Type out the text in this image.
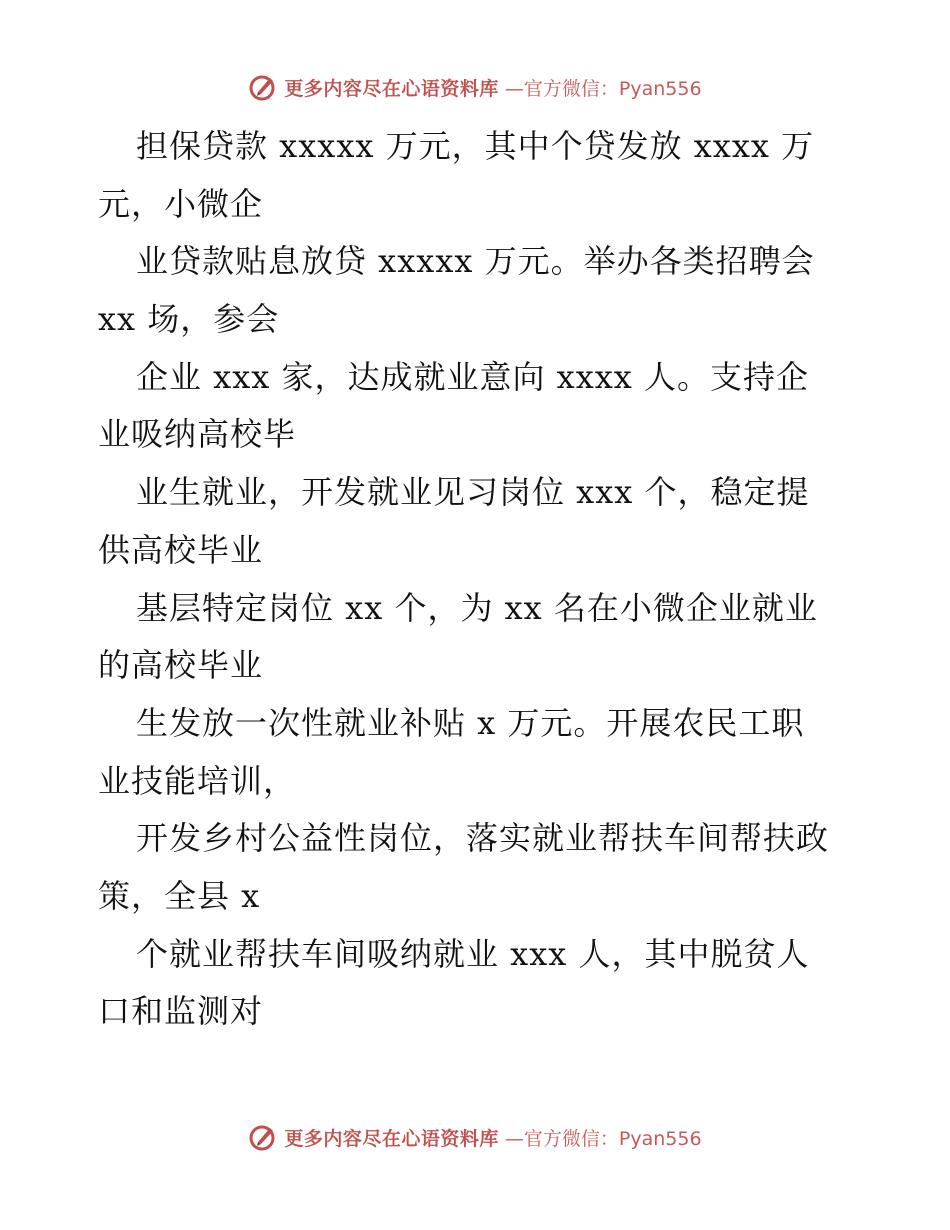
更多内容尽在心语资料库 —官方微信：Pyan556
担保贷款 xxxxx 万元，其中个贷发放 xxxx 万
元，小微企
业贷款贴息放贷 xxxxx 万元。举办各类招聘会
xx 场，参会
企业 xxx 家，达成就业意向 xxxx 人。支持企
业吸纳高校毕
业生就业，开发就业见习岗位 xxx 个，稳定提
供高校毕业
基层特定岗位 xx 个，为 xx 名在小微企业就业
的高校毕业
生发放一次性就业补贴 x 万元。开展农民工职
业技能培训，
开发乡村公益性岗位，落实就业帮扶车间帮扶政
策，全县 x
个就业帮扶车间吸纳就业 xxx 人，其中脱贫人
口和监测对
更多内容尽在心语资料库 —官方微信：Pyan556
